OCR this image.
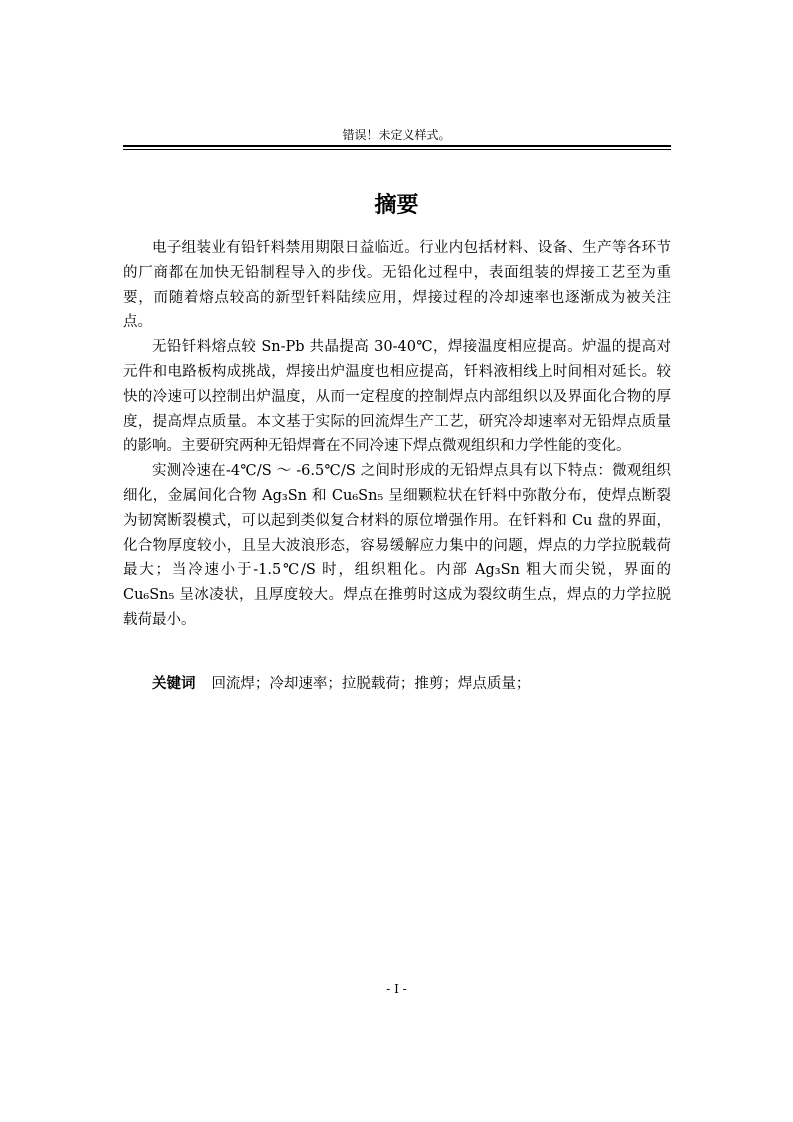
错误！未定义样式。
摘要

电子组装业有铅钎料禁用期限日益临近。行业内包括材料、设备、生产等各环节的厂商都在加快无铅制程导入的步伐。无铅化过程中，表面组装的焊接工艺至为重要，而随着熔点较高的新型钎料陆续应用，焊接过程的冷却速率也逐渐成为被关注点。

无铅钎料熔点较 Sn-Pb 共晶提高 30-40℃，焊接温度相应提高。炉温的提高对元件和电路板构成挑战，焊接出炉温度也相应提高，钎料液相线上时间相对延长。较快的冷速可以控制出炉温度，从而一定程度的控制焊点内部组织以及界面化合物的厚度，提高焊点质量。本文基于实际的回流焊生产工艺，研究冷却速率对无铅焊点质量的影响。主要研究两种无铅焊膏在不同冷速下焊点微观组织和力学性能的变化。

实测冷速在-4℃/S ～ -6.5℃/S 之间时形成的无铅焊点具有以下特点：微观组织细化，金属间化合物 Ag₃Sn 和 Cu₆Sn₅ 呈细颗粒状在钎料中弥散分布，使焊点断裂为韧窝断裂模式，可以起到类似复合材料的原位增强作用。在钎料和 Cu 盘的界面，化合物厚度较小，且呈大波浪形态，容易缓解应力集中的问题，焊点的力学拉脱载荷最大；当冷速小于-1.5℃/S 时，组织粗化。内部 Ag₃Sn 粗大而尖锐，界面的 Cu₆Sn₅ 呈冰凌状，且厚度较大。焊点在推剪时这成为裂纹萌生点，焊点的力学拉脱载荷最小。

关键词 回流焊；冷却速率；拉脱载荷；推剪；焊点质量；
- I -
